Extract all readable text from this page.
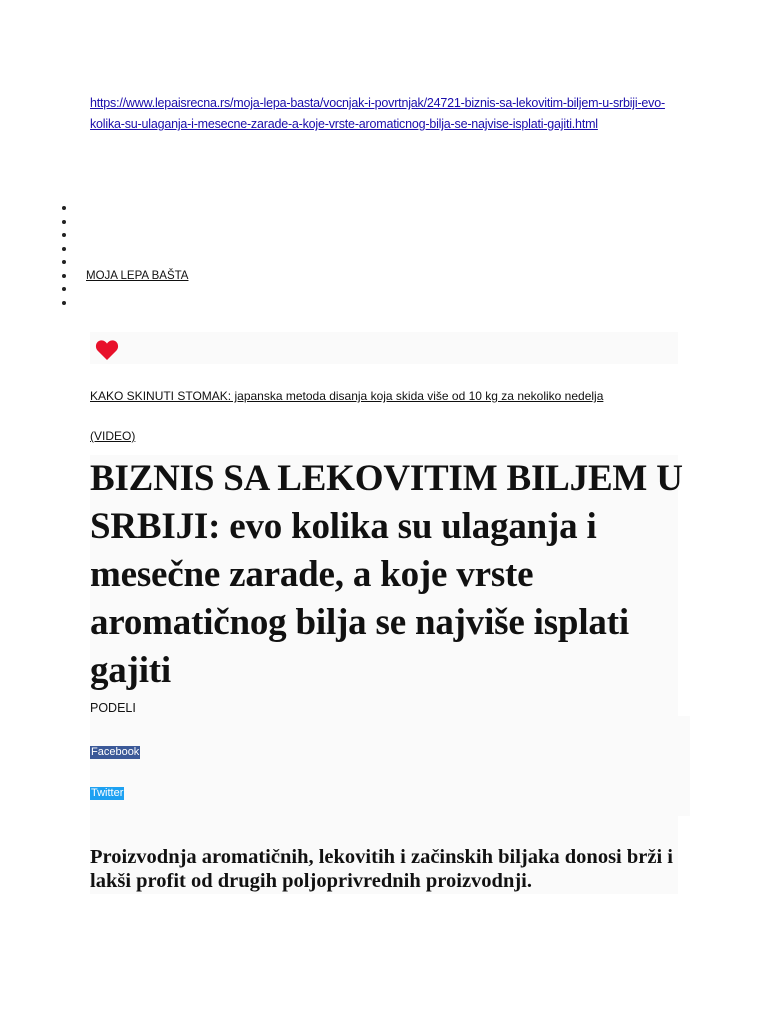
https://www.lepaisrecna.rs/moja-lepa-basta/vocnjak-i-povrtnjak/24721-biznis-sa-lekovitim-biljem-u-srbiji-evo-kolika-su-ulaganja-i-mesecne-zarade-a-koje-vrste-aromaticnog-bilja-se-najvise-isplati-gajiti.html
MOJA LEPA BAŠTA
KAKO SKINUTI STOMAK: japanska metoda disanja koja skida više od 10 kg za nekoliko nedelja
(VIDEO)
BIZNIS SA LEKOVITIM BILJEM U SRBIJI: evo kolika su ulaganja i mesečne zarade, a koje vrste aromatičnog bilja se najviše isplati gajiti
PODELI
Facebook
Twitter

Proizvodnja aromatičnih, lekovitih i začinskih biljaka donosi brži i lakši profit od drugih poljoprivrednih proizvodnji.
